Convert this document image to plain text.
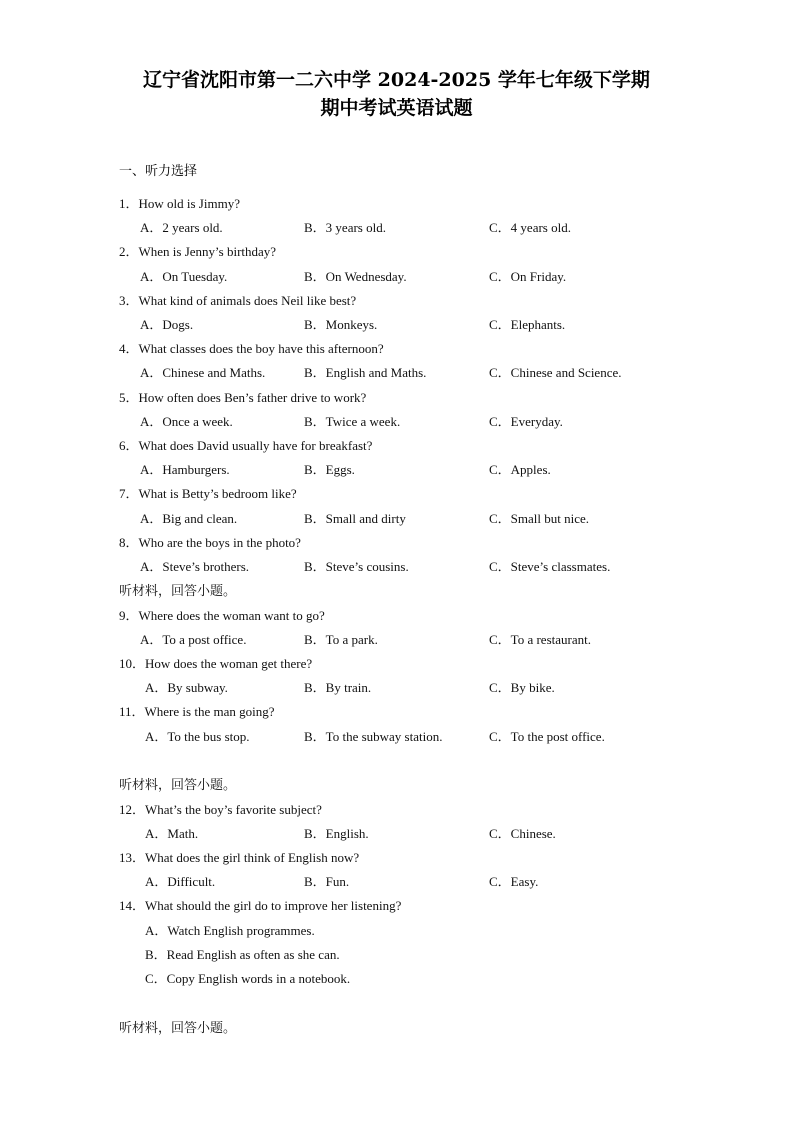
辽宁省沈阳市第一二六中学 2024-2025 学年七年级下学期
期中考试英语试题
一、听力选择
1．How old is Jimmy?
A．2 years old.	B．3 years old.	C．4 years old.
2．When is Jenny’s birthday?
A．On Tuesday.	B．On Wednesday.	C．On Friday.
3．What kind of animals does Neil like best?
A．Dogs.	B．Monkeys.	C．Elephants.
4．What classes does the boy have this afternoon?
A．Chinese and Maths.	B．English and Maths.	C．Chinese and Science.
5．How often does Ben’s father drive to work?
A．Once a week.	B．Twice a week.	C．Everyday.
6．What does David usually have for breakfast?
A．Hamburgers.	B．Eggs.	C．Apples.
7．What is Betty’s bedroom like?
A．Big and clean.	B．Small and dirty	C．Small but nice.
8．Who are the boys in the photo?
A．Steve’s brothers.	B．Steve’s cousins.	C．Steve’s classmates.
听材料，回答小题。
9．Where does the woman want to go?
A．To a post office.	B．To a park.	C．To a restaurant.
10．How does the woman get there?
A．By subway.	B．By train.	C．By bike.
11．Where is the man going?
A．To the bus stop.	B．To the subway station.	C．To the post office.
听材料，回答小题。
12．What’s the boy’s favorite subject?
A．Math.	B．English.	C．Chinese.
13．What does the girl think of English now?
A．Difficult.	B．Fun.	C．Easy.
14．What should the girl do to improve her listening?
A．Watch English programmes.
B．Read English as often as she can.
C．Copy English words in a notebook.
听材料，回答小题。
